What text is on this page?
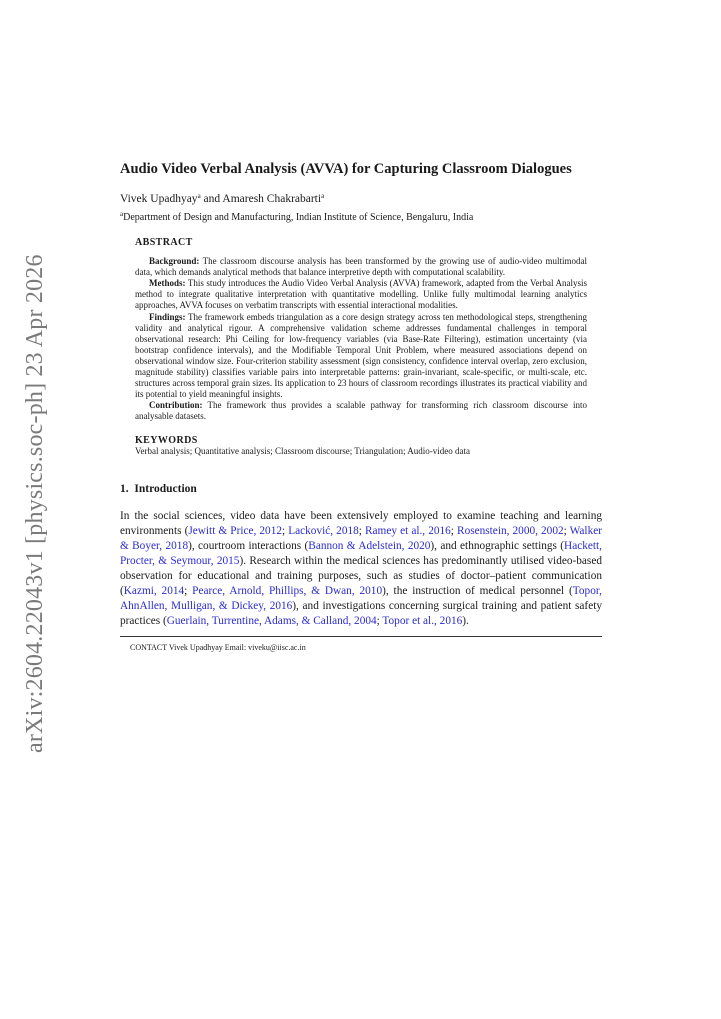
arXiv:2604.22043v1 [physics.soc-ph] 23 Apr 2026
Audio Video Verbal Analysis (AVVA) for Capturing Classroom Dialogues
Vivek Upadhyay$^a$ and Amaresh Chakrabarti$^a$
$^a$Department of Design and Manufacturing, Indian Institute of Science, Bengaluru, India
ABSTRACT

Background: The classroom discourse analysis has been transformed by the growing use of audio-video multimodal data, which demands analytical methods that balance interpretive depth with computational scalability.

Methods: This study introduces the Audio Video Verbal Analysis (AVVA) framework, adapted from the Verbal Analysis method to integrate qualitative interpretation with quantitative modelling. Unlike fully multimodal learning analytics approaches, AVVA focuses on verbatim transcripts with essential interactional modalities.

Findings: The framework embeds triangulation as a core design strategy across ten methodological steps, strengthening validity and analytical rigour. A comprehensive validation scheme addresses fundamental challenges in temporal observational research: Phi Ceiling for low-frequency variables (via Base-Rate Filtering), estimation uncertainty (via bootstrap confidence intervals), and the Modifiable Temporal Unit Problem, where measured associations depend on observational window size. Four-criterion stability assessment (sign consistency, confidence interval overlap, zero exclusion, magnitude stability) classifies variable pairs into interpretable patterns: grain-invariant, scale-specific, or multi-scale, etc. structures across temporal grain sizes. Its application to 23 hours of classroom recordings illustrates its practical viability and its potential to yield meaningful insights.

Contribution: The framework thus provides a scalable pathway for transforming rich classroom discourse into analysable datasets.

KEYWORDS
Verbal analysis; Quantitative analysis; Classroom discourse; Triangulation; Audio-video data
1.  Introduction
In the social sciences, video data have been extensively employed to examine teaching and learning environments (Jewitt & Price, 2012; Lacković, 2018; Ramey et al., 2016; Rosenstein, 2000, 2002; Walker & Boyer, 2018), courtroom interactions (Bannon & Adelstein, 2020), and ethnographic settings (Hackett, Procter, & Seymour, 2015). Research within the medical sciences has predominantly utilised video-based observation for educational and training purposes, such as studies of doctor–patient communication (Kazmi, 2014; Pearce, Arnold, Phillips, & Dwan, 2010), the instruction of medical personnel (Topor, AhnAllen, Mulligan, & Dickey, 2016), and investigations concerning surgical training and patient safety practices (Guerlain, Turrentine, Adams, & Calland, 2004; Topor et al., 2016).
CONTACT Vivek Upadhyay Email: viveku@iisc.ac.in
